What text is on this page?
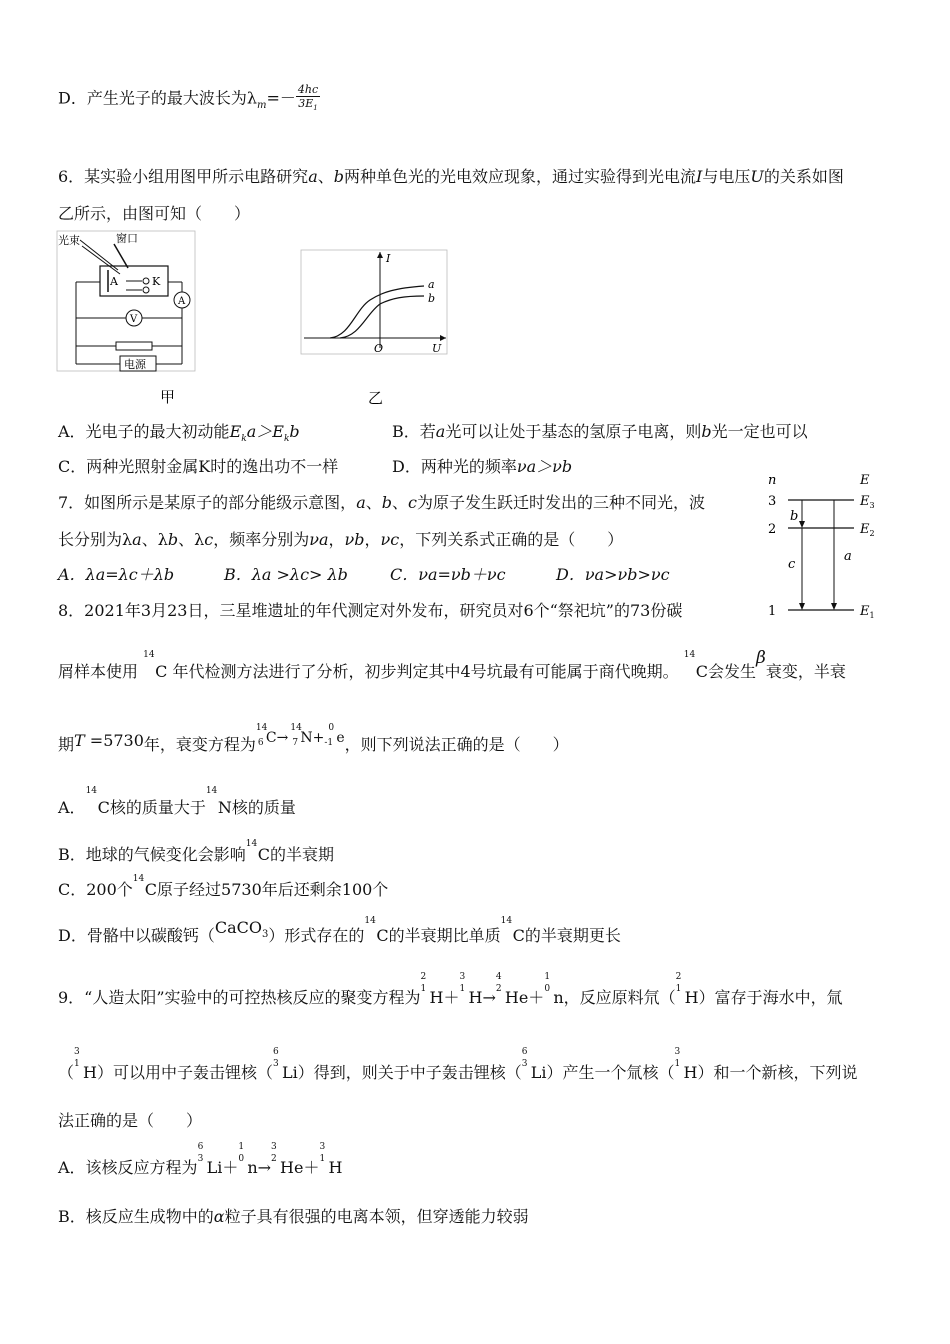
D．产生光子的最大波长为$\lambda_m=- \frac{4hc}{3E_1}$
6．某实验小组用图甲所示电路研究a、b两种单色光的光电效应现象，通过实验得到光电流I与电压U的关系如图
乙所示，由图可知（　　）
光束	窗口
A	K
A
V
电源
甲
I
U
O
a
b
乙
A．光电子的最大初动能$E_ka>E_kb$	B．若a光可以让处于基态的氢原子电离，则b光一定也可以
C．两种光照射金属K时的逸出功不一样	D．两种光的频率νa＞νb
n	E
3
2
1
$E_3$
$E_2$
$E_1$
b
c
a
7．如图所示是某原子的部分能级示意图，a、b、c为原子发生跃迁时发出的三种不同光，波
长分别为λa、λb、λc，频率分别为νa，νb，νc，下列关系式正确的是（　　）
A．λa=λc＋λb	B．λa >λc> λb	C．νa=νb＋νc	D．νa>νb>νc
8．2021年3月23日，三星堆遗址的年代测定对外发布，研究员对6个“祭祀坑”的73份碳
屑样本使用
14
C 年代检测方法进行了分析，初步判定其中4号坑最有可能属于商代晚期。
14
C会发生β衰变，半衰
期T =5730年，衰变方程为
14
6 C→
14
7 N+
0
-1 e，则下列说法正确的是（　　）
A．
14
C核的质量大于
14
N核的质量
B．地球的气候变化会影响
14
C的半衰期
C．200个
14
C原子经过5730年后还剩余100个
D．骨骼中以碳酸钙（CaCO$_3$）形式存在的
14
C的半衰期比单质
14
C的半衰期更长
9．“人造太阳”实验中的可控热核反应的聚变方程为
2
1 H＋
3
1 H→
4
2 He＋
1
0 n，反应原料氘（
2
1 H）富存于海水中，氚
（
3
1 H）可以用中子轰击锂核（
6
3 Li）得到，则关于中子轰击锂核（
6
3 Li）产生一个氚核（
3
1 H）和一个新核，下列说
法正确的是（　　）
A．该核反应方程为
6
3 Li＋
1
0 n→
3
2 He＋
3
1 H
B．核反应生成物中的α粒子具有很强的电离本领，但穿透能力较弱
